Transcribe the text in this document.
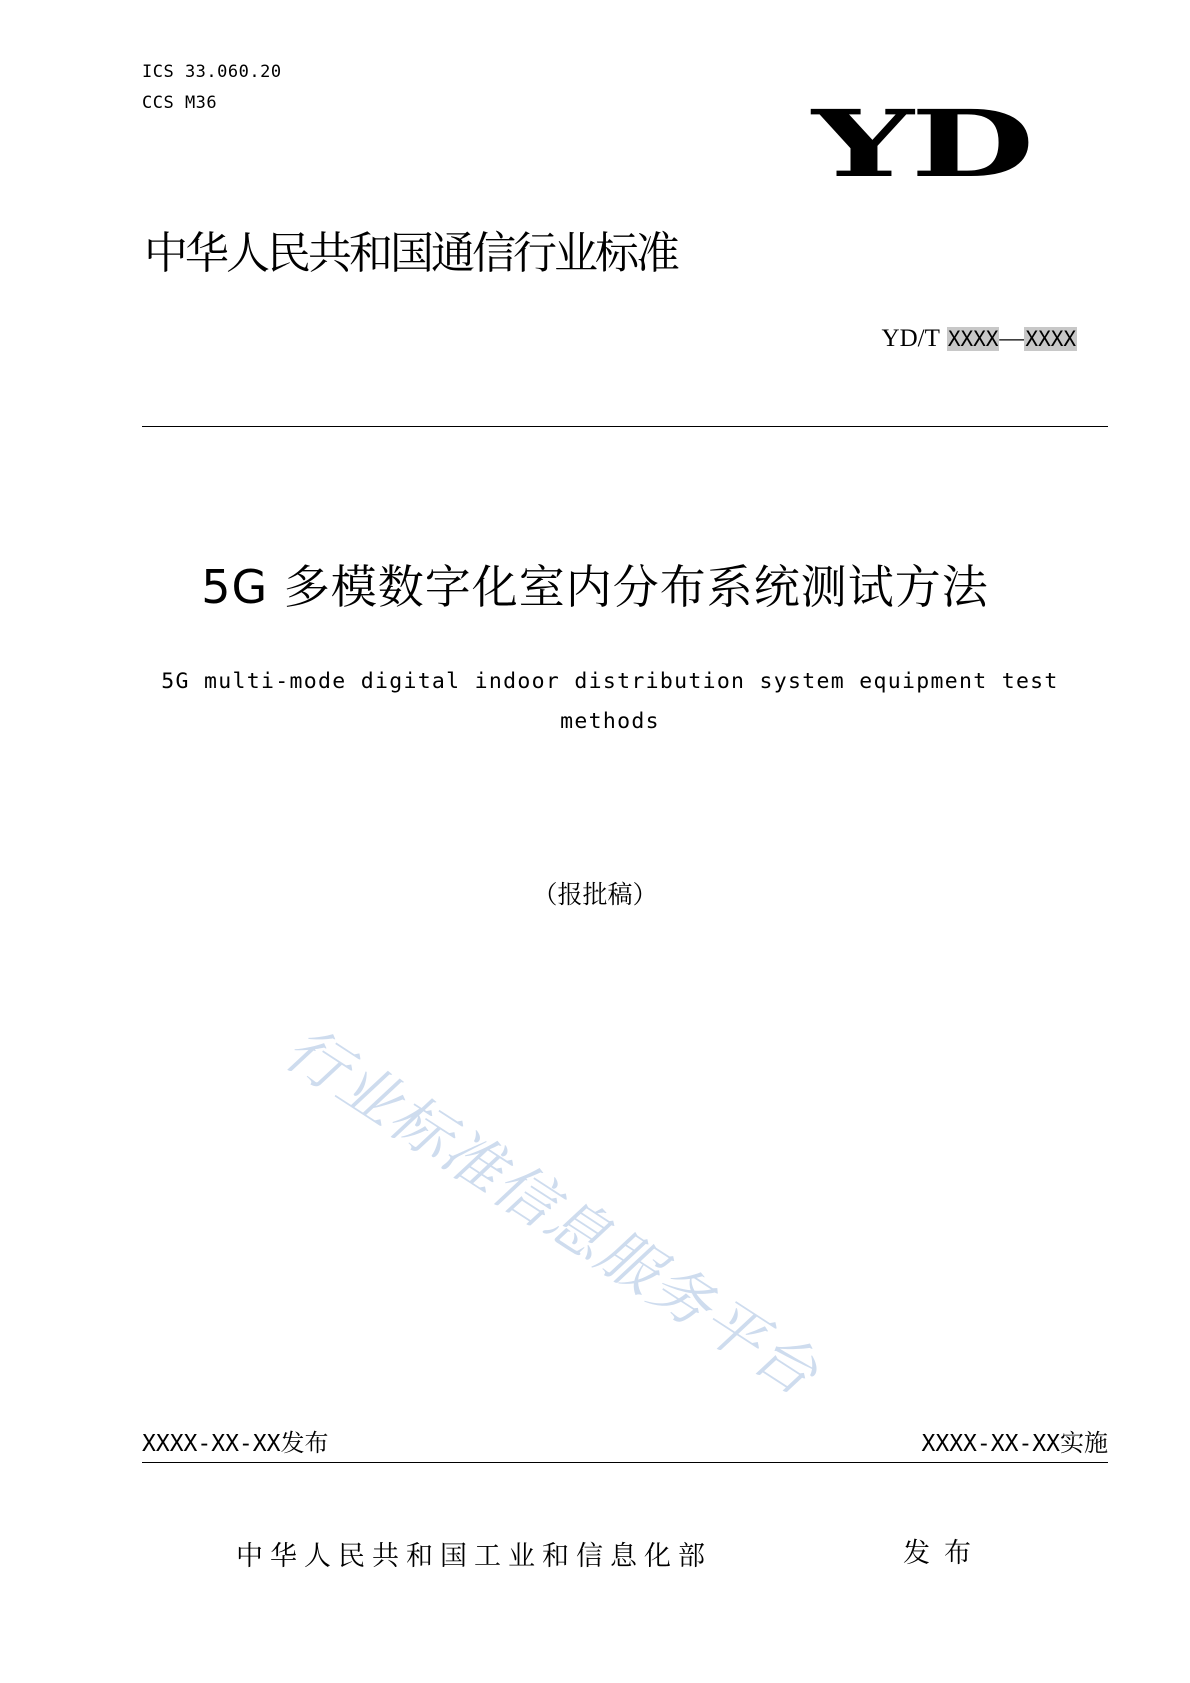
ICS 33.060.20
CCS M36	YD
中华人民共和国通信行业标准
YD/T XXXX—XXXX
5G 多模数字化室内分布系统测试方法
5G multi-mode digital indoor distribution system equipment test methods
（报批稿）
行业标准信息服务平台
XXXX-XX-XX发布	XXXX-XX-XX实施
中华人民共和国工业和信息化部	发布
